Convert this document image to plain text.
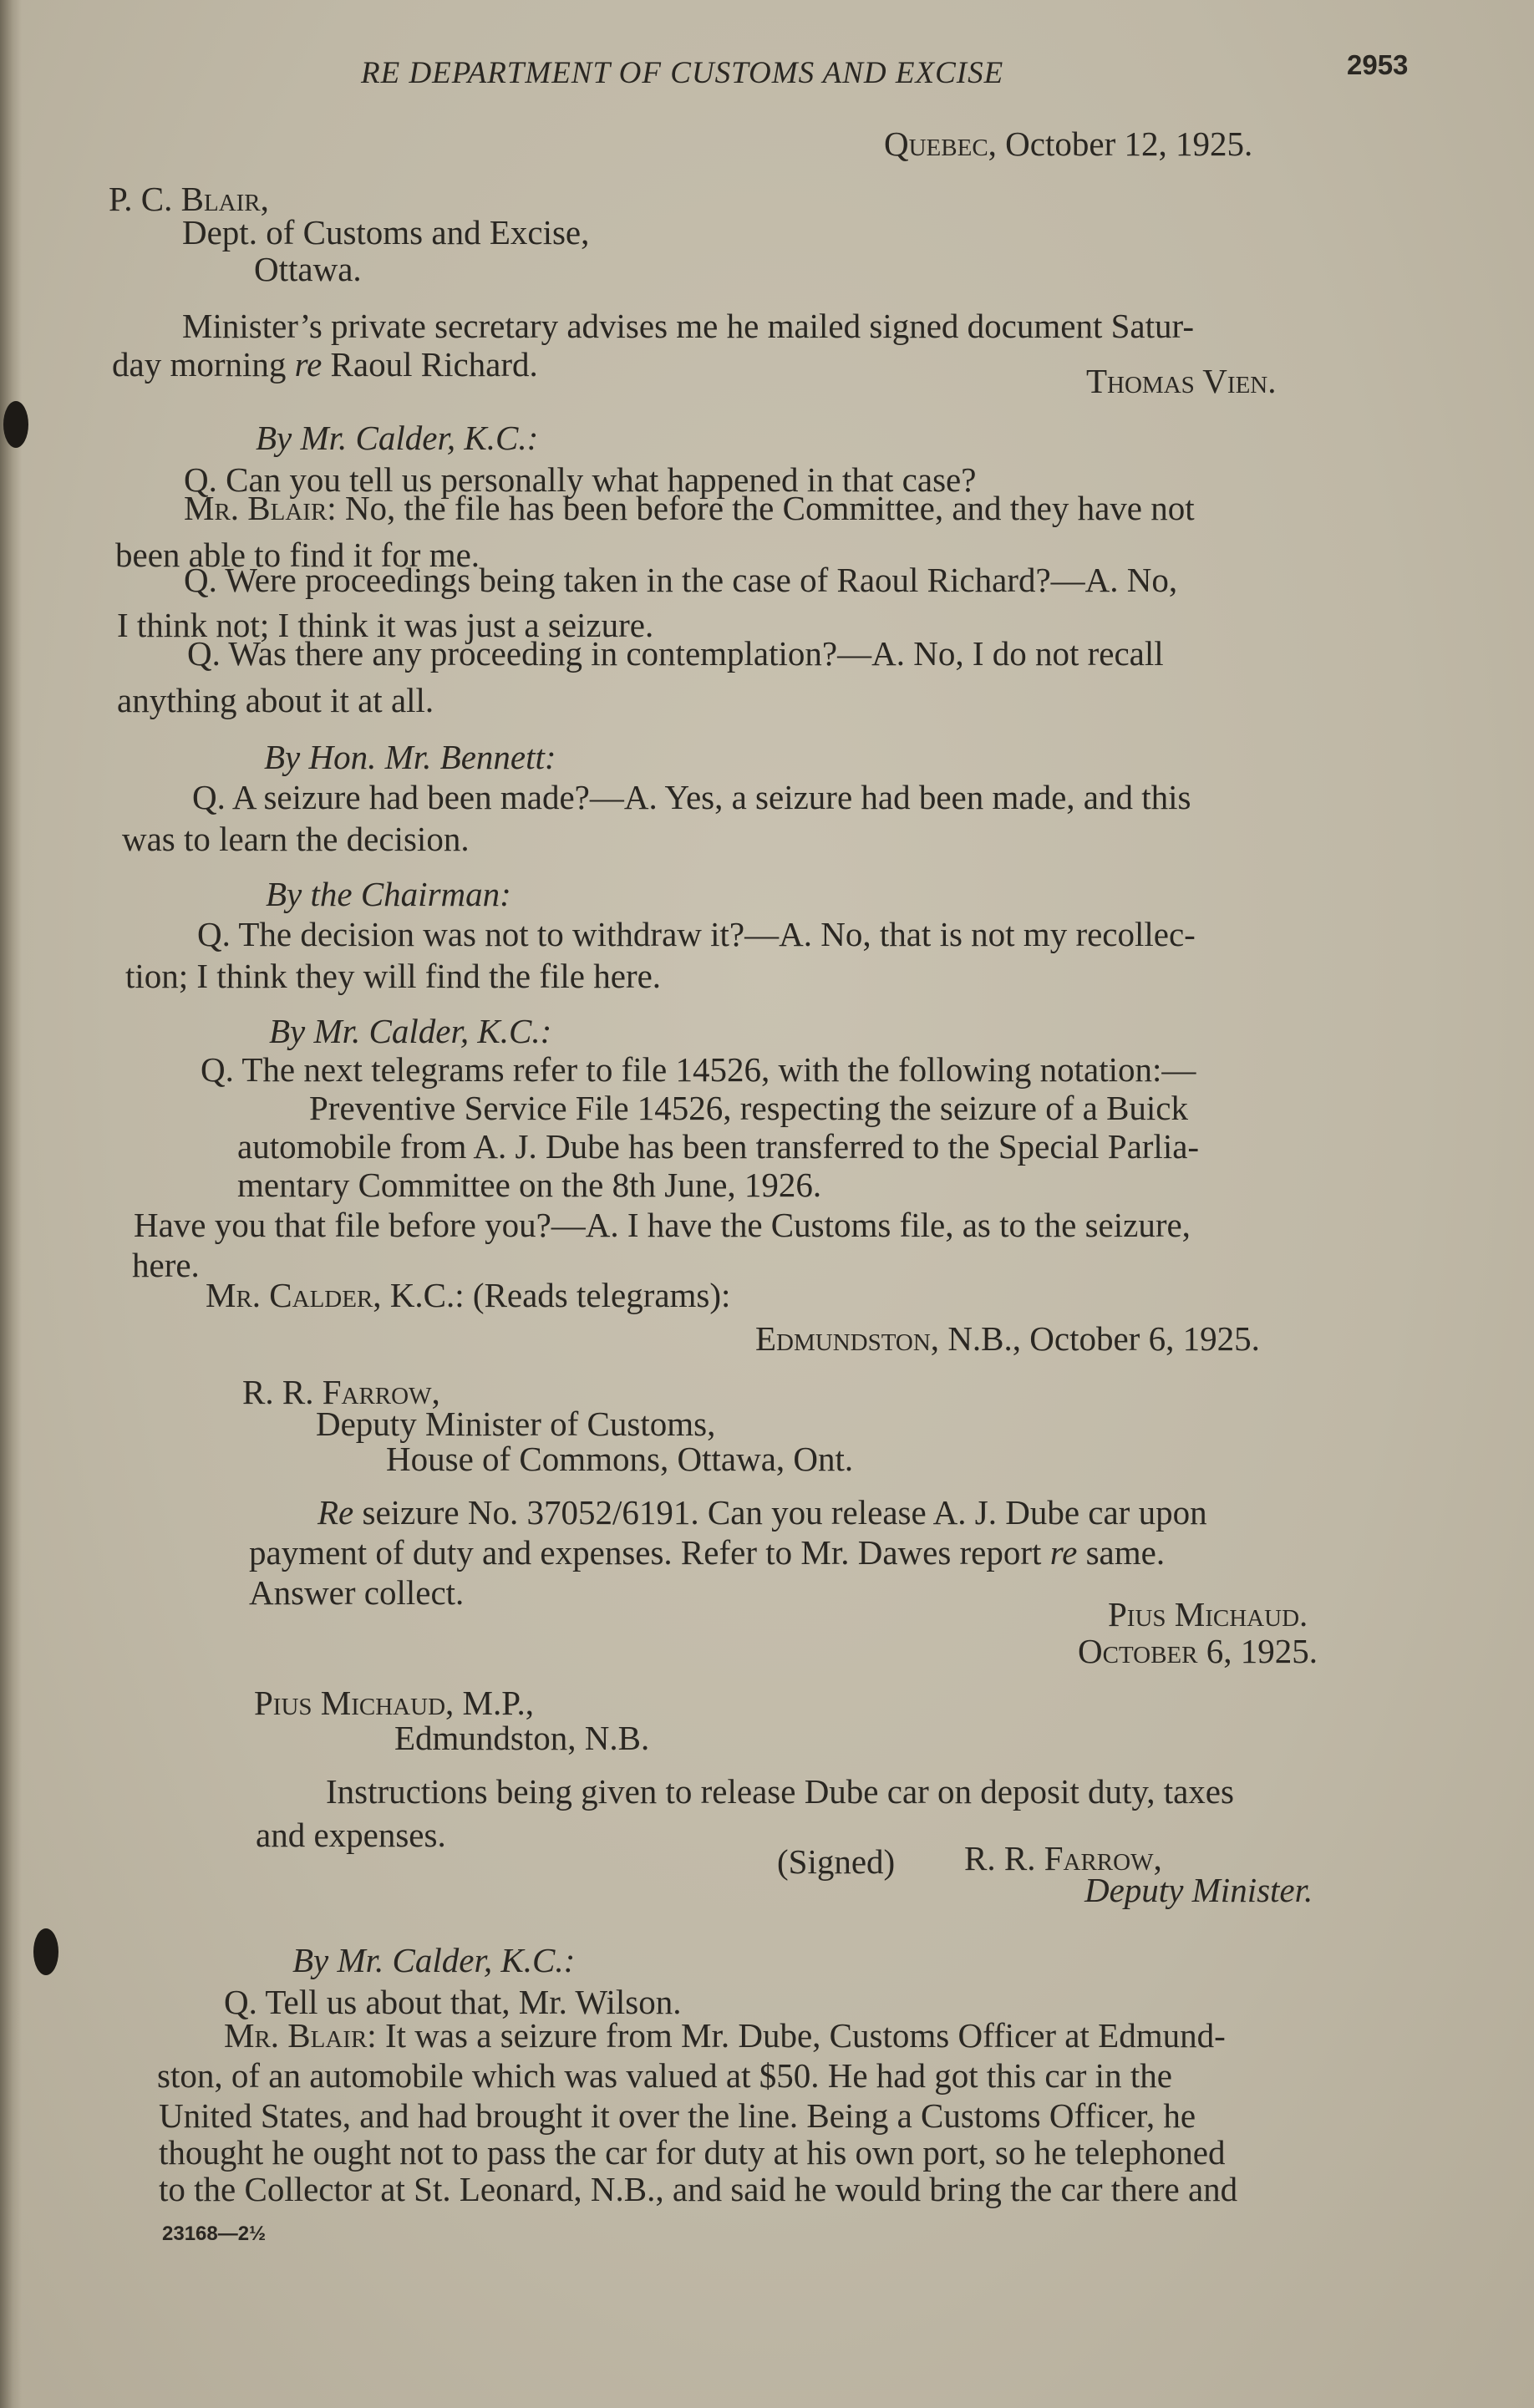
RE DEPARTMENT OF CUSTOMS AND EXCISE	2953
Quebec, October 12, 1925.
P. C. Blair,
Dept. of Customs and Excise,
Ottawa.
Minister’s private secretary advises me he mailed signed document Satur-
day morning re Raoul Richard.	Thomas Vien.
By Mr. Calder, K.C.:
Q. Can you tell us personally what happened in that case?
Mr. Blair: No, the file has been before the Committee, and they have not
been able to find it for me.
Q. Were proceedings being taken in the case of Raoul Richard?—A. No,
I think not; I think it was just a seizure.
Q. Was there any proceeding in contemplation?—A. No, I do not recall
anything about it at all.
By Hon. Mr. Bennett:
Q. A seizure had been made?—A. Yes, a seizure had been made, and this
was to learn the decision.
By the Chairman:
Q. The decision was not to withdraw it?—A. No, that is not my recollec-
tion; I think they will find the file here.
By Mr. Calder, K.C.:
Q. The next telegrams refer to file 14526, with the following notation:—
Preventive Service File 14526, respecting the seizure of a Buick
automobile from A. J. Dube has been transferred to the Special Parlia-
mentary Committee on the 8th June, 1926.
Have you that file before you?—A. I have the Customs file, as to the seizure,
here.
Mr. Calder, K.C.: (Reads telegrams):
Edmundston, N.B., October 6, 1925.
R. R. Farrow,
Deputy Minister of Customs,
House of Commons, Ottawa, Ont.
Re seizure No. 37052/6191. Can you release A. J. Dube car upon
payment of duty and expenses. Refer to Mr. Dawes report re same.
Answer collect.
Pius Michaud.
October 6, 1925.
Pius Michaud, M.P.,
Edmundston, N.B.
Instructions being given to release Dube car on deposit duty, taxes
and expenses.
(Signed) R. R. Farrow,
Deputy Minister.
By Mr. Calder, K.C.:
Q. Tell us about that, Mr. Wilson.
Mr. Blair: It was a seizure from Mr. Dube, Customs Officer at Edmund-
ston, of an automobile which was valued at $50. He had got this car in the
United States, and had brought it over the line. Being a Customs Officer, he
thought he ought not to pass the car for duty at his own port, so he telephoned
to the Collector at St. Leonard, N.B., and said he would bring the car there and
23168—2½
